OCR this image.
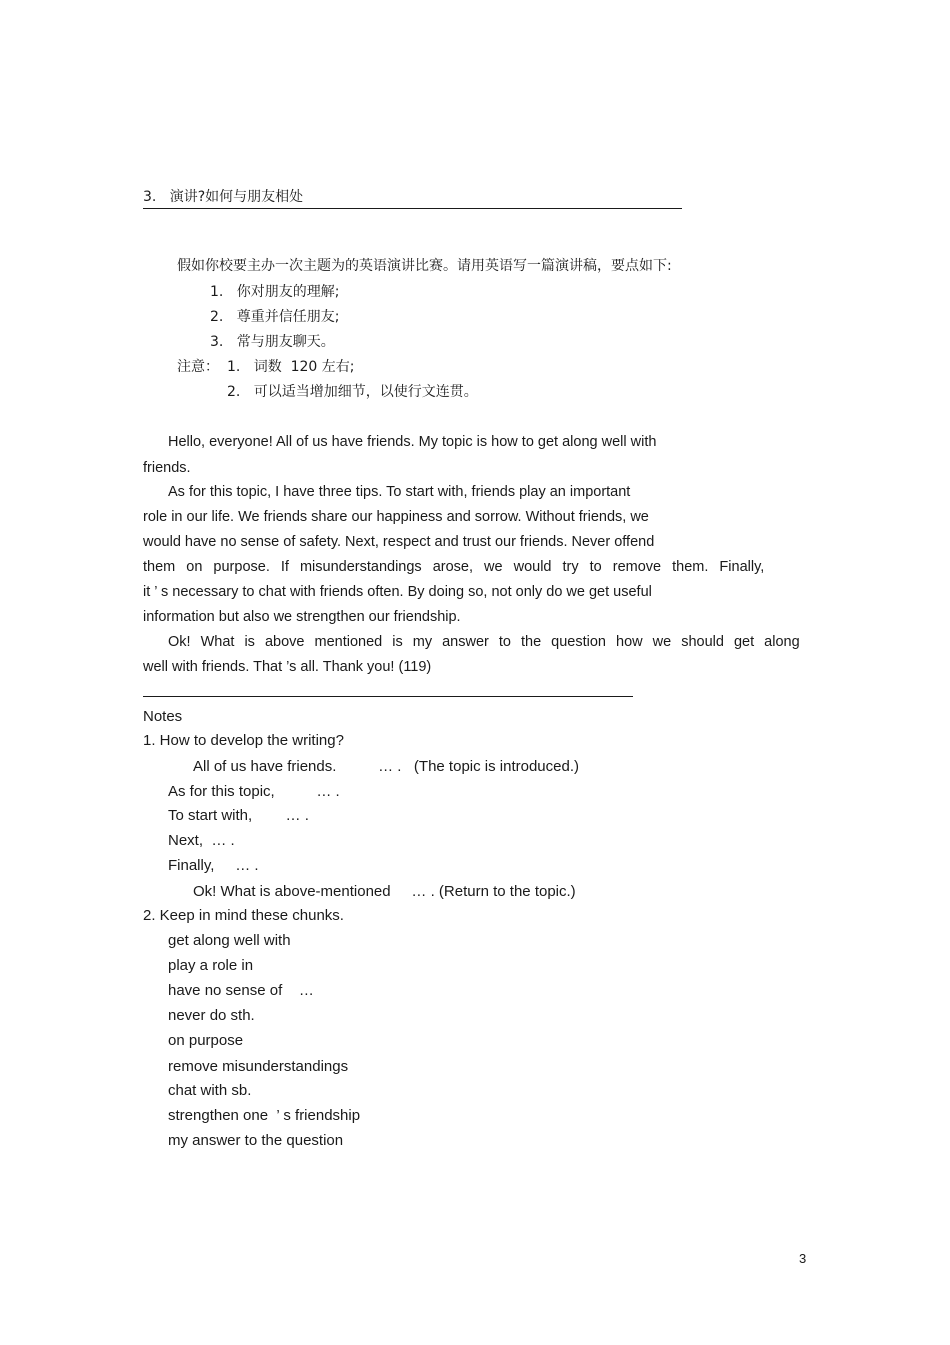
3.   演讲?如何与朋友相处
假如你校要主办一次主题为的英语演讲比赛。请用英语写一篇演讲稿，要点如下:
1.   你对朋友的理解;
2.   尊重并信任朋友;
3.   常与朋友聊天。
注意： 1.   词数  120 左右;
2.   可以适当增加细节，以使行文连贯。
Hello, everyone! All of us have friends. My topic is how to get along well with
friends.
As for this topic, I have three tips. To start with, friends play an important
role in our life. We friends share our happiness and sorrow. Without friends, we
would have no sense of safety. Next, respect and trust our friends. Never offend
them on purpose. If misunderstandings arose, we would try to remove them. Finally,
it ’ s necessary to chat with friends often. By doing so, not only do we get useful
information but also we strengthen our friendship.
Ok! What is above mentioned is my answer to the question how we should get along
well with friends. That ’s all. Thank you! (119)
Notes
1. How to develop the writing?
All of us have friends.          … .   (The topic is introduced.)
As for this topic,          … .
To start with,        … .
Next,  … .
Finally,     … .
Ok! What is above-mentioned     … . (Return to the topic.)
2. Keep in mind these chunks.
get along well with
play a role in
have no sense of    …
never do sth.
on purpose
remove misunderstandings
chat with sb.
strengthen one  ’ s friendship
my answer to the question
3
